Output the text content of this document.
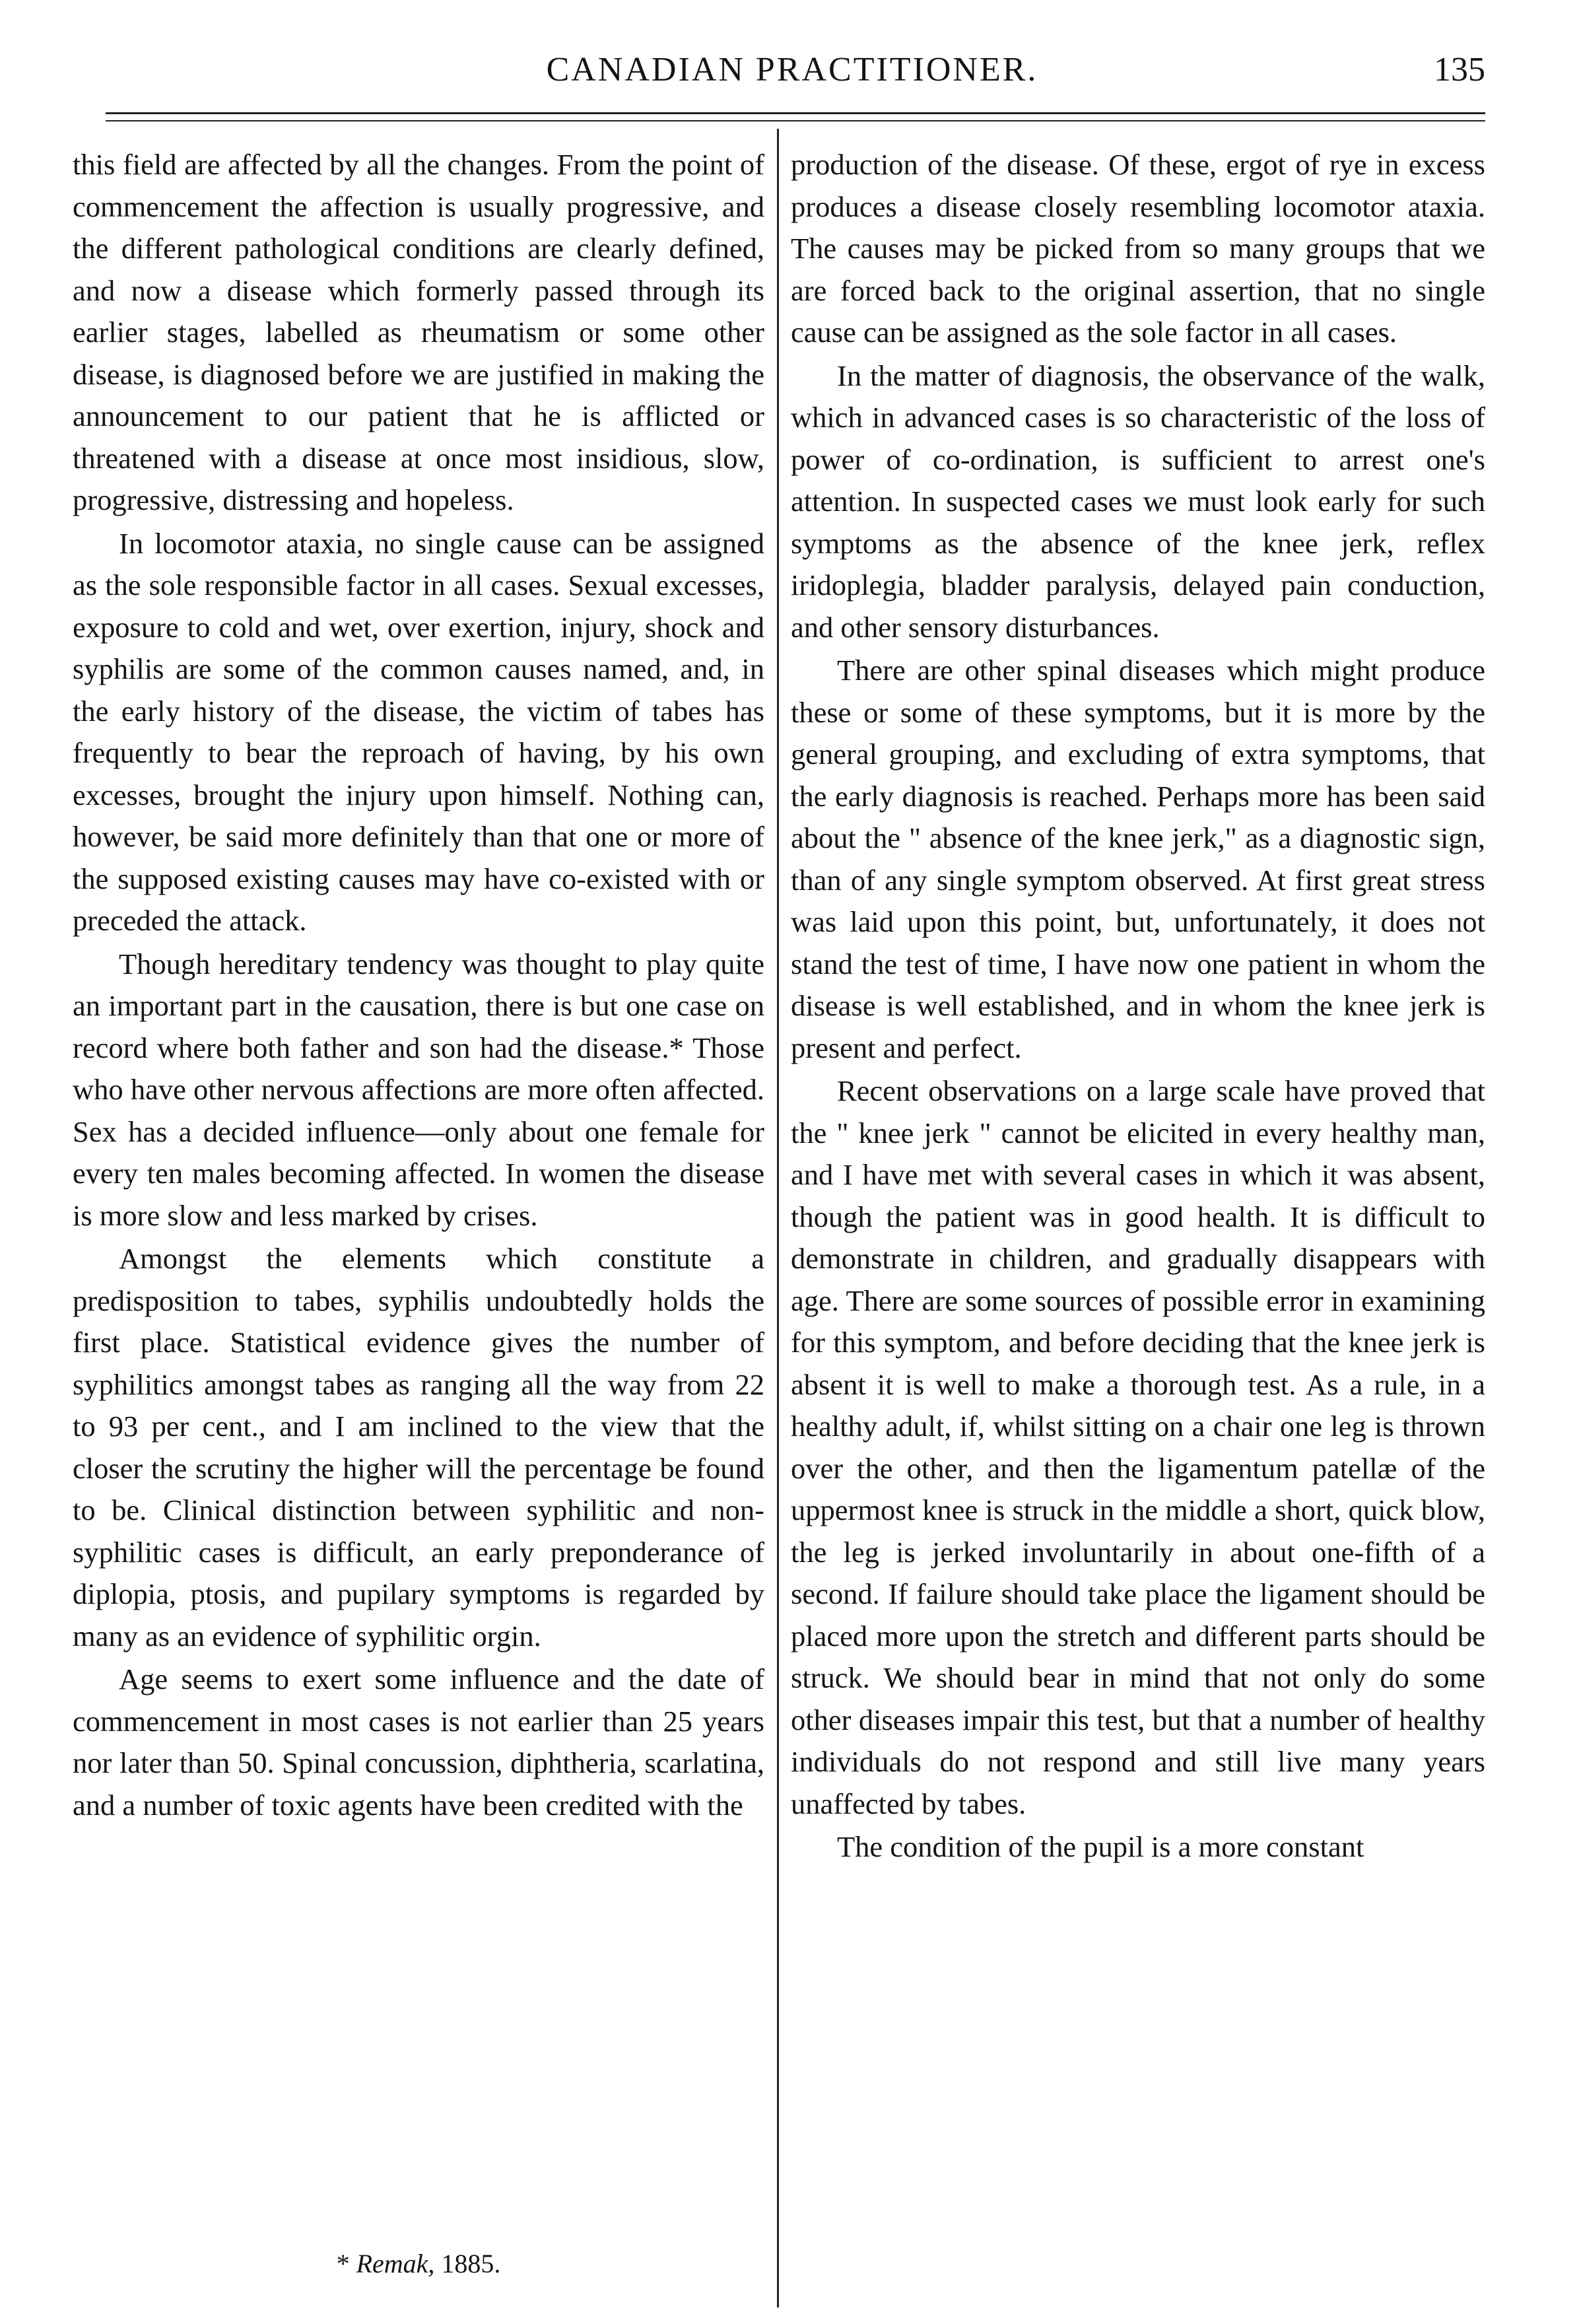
CANADIAN PRACTITIONER.	135

this field are affected by all the changes. From the point of commencement the affection is usually progressive, and the different pathological conditions are clearly defined, and now a disease which formerly passed through its earlier stages, labelled as rheumatism or some other disease, is diagnosed before we are justified in making the announcement to our patient that he is afflicted or threatened with a disease at once most insidious, slow, progressive, distressing and hopeless.

In locomotor ataxia, no single cause can be assigned as the sole responsible factor in all cases. Sexual excesses, exposure to cold and wet, over exertion, injury, shock and syphilis are some of the common causes named, and, in the early history of the disease, the victim of tabes has frequently to bear the reproach of having, by his own excesses, brought the injury upon himself. Nothing can, however, be said more definitely than that one or more of the supposed existing causes may have co-existed with or preceded the attack.

Though hereditary tendency was thought to play quite an important part in the causation, there is but one case on record where both father and son had the disease.* Those who have other nervous affections are more often affected. Sex has a decided influence—only about one female for every ten males becoming affected. In women the disease is more slow and less marked by crises.

Amongst the elements which constitute a predisposition to tabes, syphilis undoubtedly holds the first place. Statistical evidence gives the number of syphilitics amongst tabes as ranging all the way from 22 to 93 per cent., and I am inclined to the view that the closer the scrutiny the higher will the percentage be found to be. Clinical distinction between syphilitic and non-syphilitic cases is difficult, an early preponderance of diplopia, ptosis, and pupilary symptoms is regarded by many as an evidence of syphilitic orgin.

Age seems to exert some influence and the date of commencement in most cases is not earlier than 25 years nor later than 50. Spinal concussion, diphtheria, scarlatina, and a number of toxic agents have been credited with the

production of the disease. Of these, ergot of rye in excess produces a disease closely resembling locomotor ataxia. The causes may be picked from so many groups that we are forced back to the original assertion, that no single cause can be assigned as the sole factor in all cases.

In the matter of diagnosis, the observance of the walk, which in advanced cases is so characteristic of the loss of power of co-ordination, is sufficient to arrest one's attention. In suspected cases we must look early for such symptoms as the absence of the knee jerk, reflex iridoplegia, bladder paralysis, delayed pain conduction, and other sensory disturbances.

There are other spinal diseases which might produce these or some of these symptoms, but it is more by the general grouping, and excluding of extra symptoms, that the early diagnosis is reached. Perhaps more has been said about the " absence of the knee jerk," as a diagnostic sign, than of any single symptom observed. At first great stress was laid upon this point, but, unfortunately, it does not stand the test of time, I have now one patient in whom the disease is well established, and in whom the knee jerk is present and perfect.

Recent observations on a large scale have proved that the " knee jerk " cannot be elicited in every healthy man, and I have met with several cases in which it was absent, though the patient was in good health. It is difficult to demonstrate in children, and gradually disappears with age. There are some sources of possible error in examining for this symptom, and before deciding that the knee jerk is absent it is well to make a thorough test. As a rule, in a healthy adult, if, whilst sitting on a chair one leg is thrown over the other, and then the ligamentum patellæ of the uppermost knee is struck in the middle a short, quick blow, the leg is jerked involuntarily in about one-fifth of a second. If failure should take place the ligament should be placed more upon the stretch and different parts should be struck. We should bear in mind that not only do some other diseases impair this test, but that a number of healthy individuals do not respond and still live many years unaffected by tabes.

The condition of the pupil is a more constant

* Remak, 1885.
